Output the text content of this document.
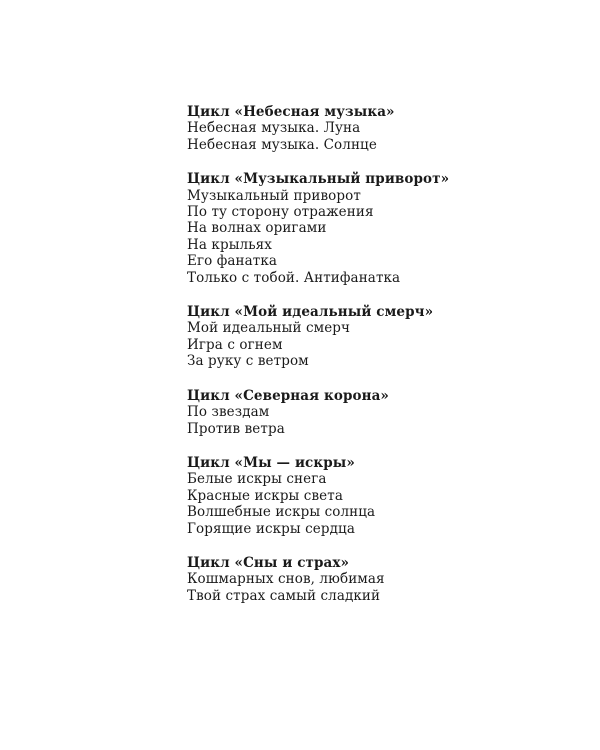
Цикл «Небесная музыка»
Небесная музыка. Луна
Небесная музыка. Солнце
Цикл «Музыкальный приворот»
Музыкальный приворот
По ту сторону отражения
На волнах оригами
На крыльях
Его фанатка
Только с тобой. Антифанатка
Цикл «Мой идеальный смерч»
Мой идеальный смерч
Игра с огнем
За руку с ветром
Цикл «Северная корона»
По звездам
Против ветра
Цикл «Мы — искры»
Белые искры снега
Красные искры света
Волшебные искры солнца
Горящие искры сердца
Цикл «Сны и страх»
Кошмарных снов, любимая
Твой страх самый сладкий
